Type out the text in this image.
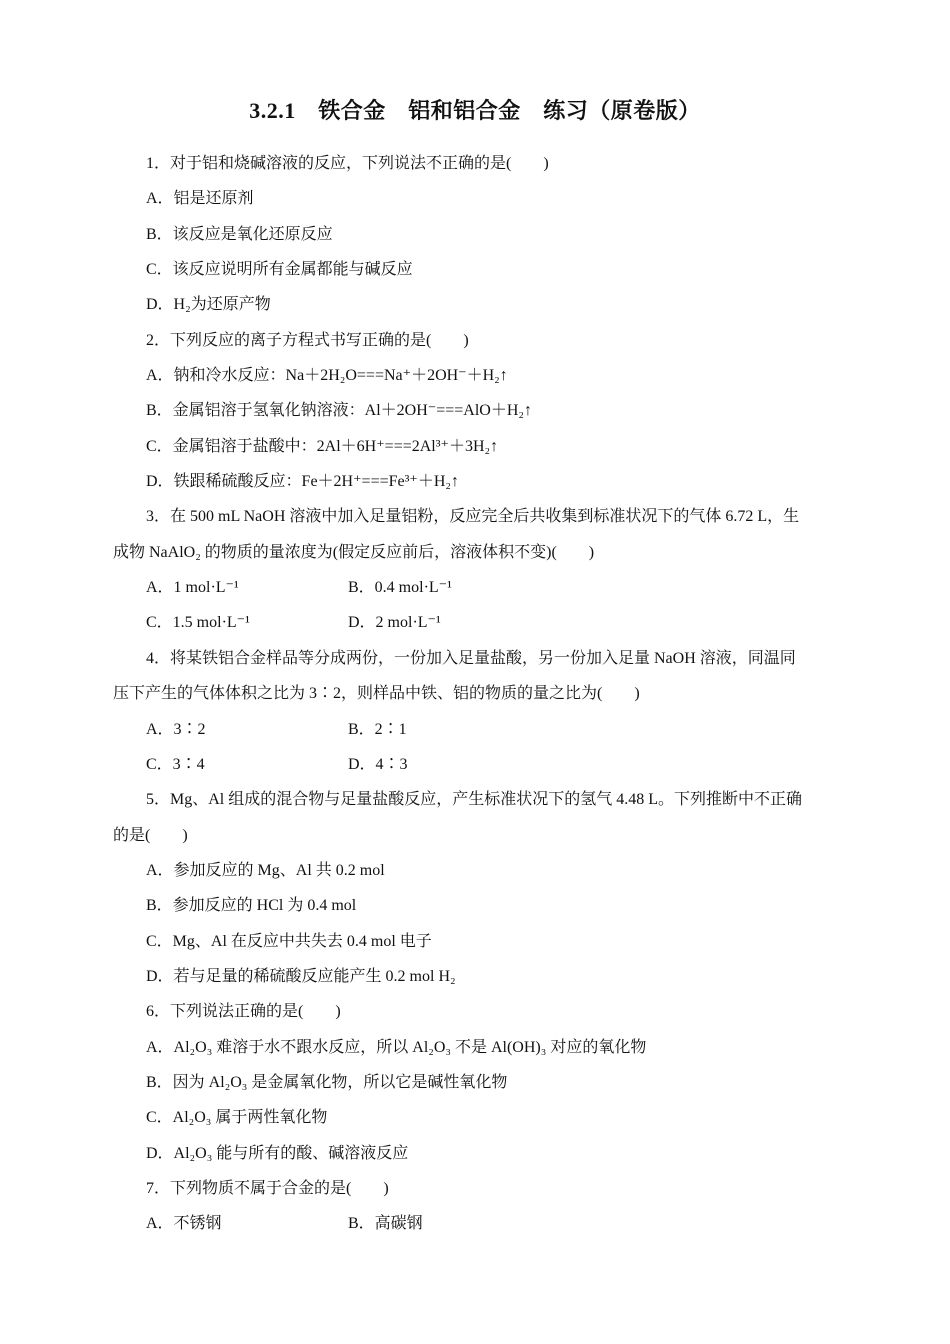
3.2.1　铁合金　铝和铝合金　练习（原卷版）
1．对于铝和烧碱溶液的反应，下列说法不正确的是(　　)
A．铝是还原剂
B．该反应是氧化还原反应
C．该反应说明所有金属都能与碱反应
D．H₂为还原产物
2．下列反应的离子方程式书写正确的是(　　)
A．钠和冷水反应：Na＋2H₂O===Na⁺＋2OH⁻＋H₂↑
B．金属铝溶于氢氧化钠溶液：Al＋2OH⁻===AlO＋H₂↑
C．金属铝溶于盐酸中：2Al＋6H⁺===2Al³⁺＋3H₂↑
D．铁跟稀硫酸反应：Fe＋2H⁺===Fe³⁺＋H₂↑
3．在 500 mL NaOH 溶液中加入足量铝粉，反应完全后共收集到标准状况下的气体 6.72 L，生
成物 NaAlO₂ 的物质的量浓度为(假定反应前后，溶液体积不变)(　　)
A．1 mol·L⁻¹	B．0.4 mol·L⁻¹
C．1.5 mol·L⁻¹	D．2 mol·L⁻¹
4．将某铁铝合金样品等分成两份，一份加入足量盐酸，另一份加入足量 NaOH 溶液，同温同
压下产生的气体体积之比为 3∶2，则样品中铁、铝的物质的量之比为(　　)
A．3∶2	B．2∶1
C．3∶4	D．4∶3
5．Mg、Al 组成的混合物与足量盐酸反应，产生标准状况下的氢气 4.48 L。下列推断中不正确
的是(　　)
A．参加反应的 Mg、Al 共 0.2 mol
B．参加反应的 HCl 为 0.4 mol
C．Mg、Al 在反应中共失去 0.4 mol 电子
D．若与足量的稀硫酸反应能产生 0.2 mol H₂
6．下列说法正确的是(　　)
A．Al₂O₃ 难溶于水不跟水反应，所以 Al₂O₃ 不是 Al(OH)₃ 对应的氧化物
B．因为 Al₂O₃ 是金属氧化物，所以它是碱性氧化物
C．Al₂O₃ 属于两性氧化物
D．Al₂O₃ 能与所有的酸、碱溶液反应
7．下列物质不属于合金的是(　　)
A．不锈钢	B．高碳钢
